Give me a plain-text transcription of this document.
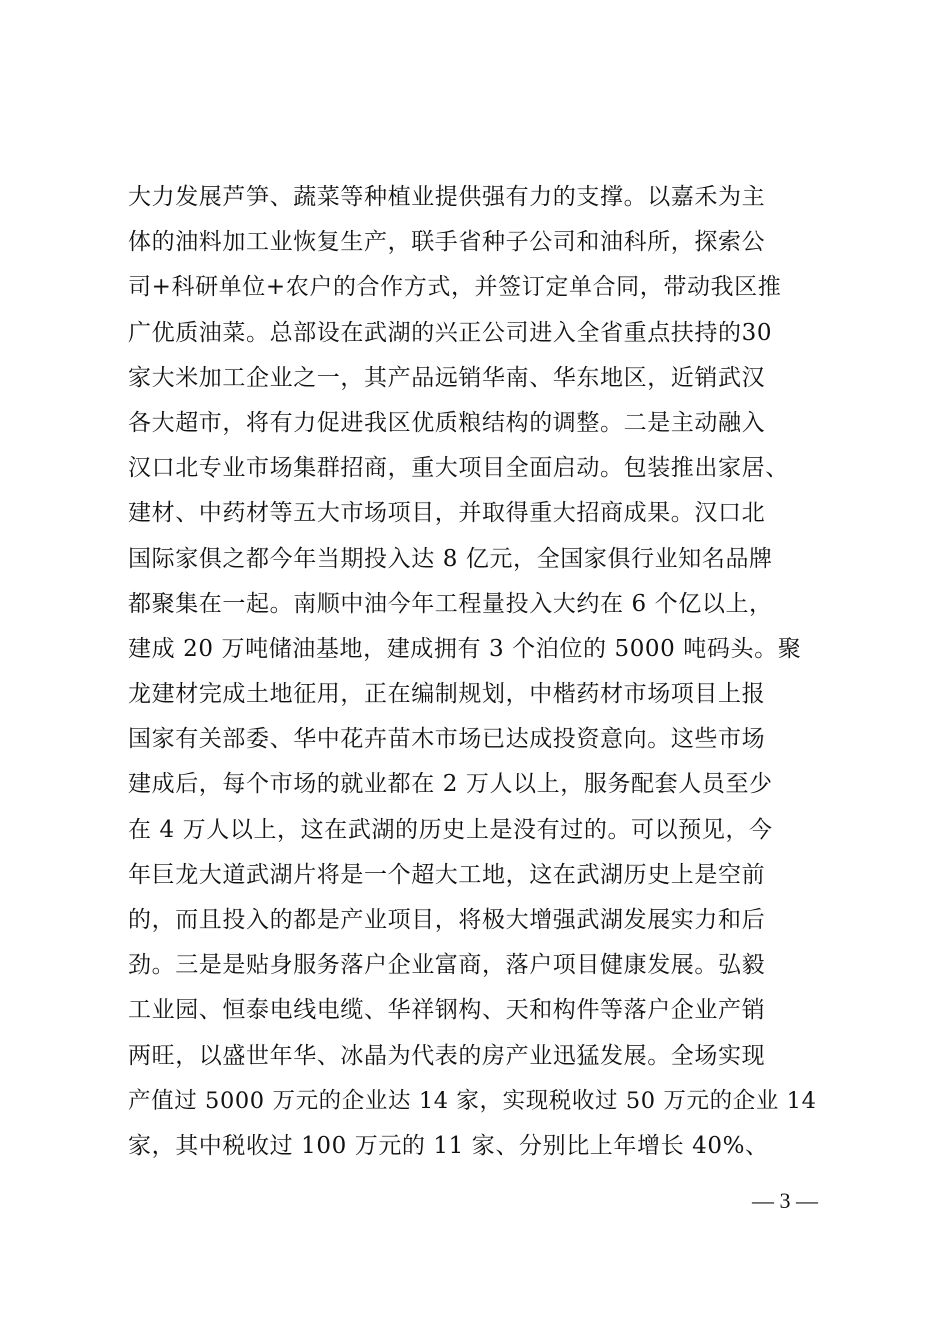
大力发展芦笋、蔬菜等种植业提供强有力的支撑。以嘉禾为主
体的油料加工业恢复生产，联手省种子公司和油科所，探索公
司+科研单位+农户的合作方式，并签订定单合同，带动我区推
广优质油菜。总部设在武湖的兴正公司进入全省重点扶持的30
家大米加工企业之一，其产品远销华南、华东地区，近销武汉
各大超市，将有力促进我区优质粮结构的调整。二是主动融入
汉口北专业市场集群招商，重大项目全面启动。包装推出家居、
建材、中药材等五大市场项目，并取得重大招商成果。汉口北
国际家俱之都今年当期投入达 8 亿元，全国家俱行业知名品牌
都聚集在一起。南顺中油今年工程量投入大约在 6 个亿以上，
建成 20 万吨储油基地，建成拥有 3 个泊位的 5000 吨码头。聚
龙建材完成土地征用，正在编制规划，中楷药材市场项目上报
国家有关部委、华中花卉苗木市场已达成投资意向。这些市场
建成后，每个市场的就业都在 2 万人以上，服务配套人员至少
在 4 万人以上，这在武湖的历史上是没有过的。可以预见，今
年巨龙大道武湖片将是一个超大工地，这在武湖历史上是空前
的，而且投入的都是产业项目，将极大增强武湖发展实力和后
劲。三是是贴身服务落户企业富商，落户项目健康发展。弘毅
工业园、恒泰电线电缆、华祥钢构、天和构件等落户企业产销
两旺，以盛世年华、冰晶为代表的房产业迅猛发展。全场实现
产值过 5000 万元的企业达 14 家，实现税收过 50 万元的企业 14
家，其中税收过 100 万元的 11 家、分别比上年增长 40%、
— 3 —
